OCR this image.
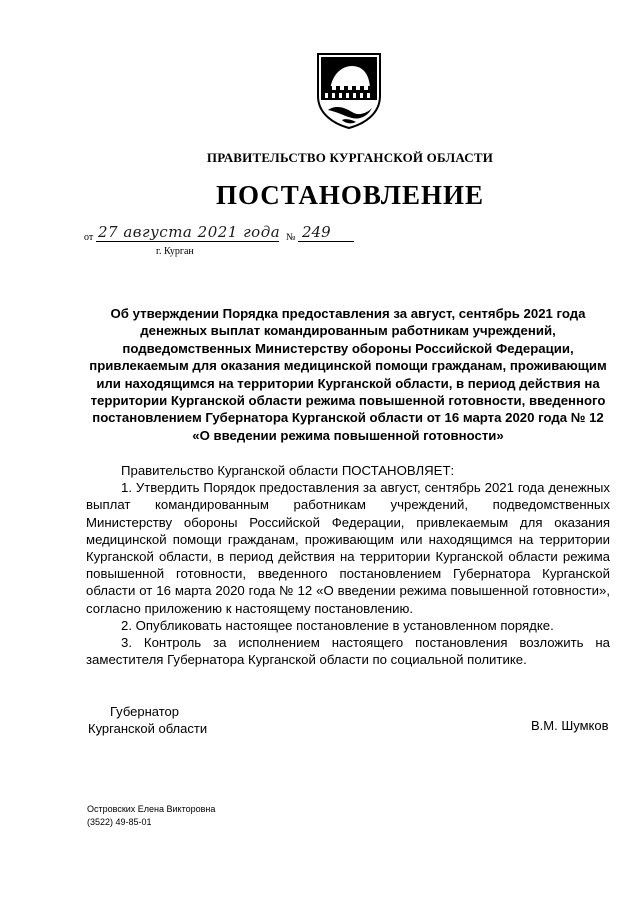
ПРАВИТЕЛЬСТВО КУРГАНСКОЙ ОБЛАСТИ
ПОСТАНОВЛЕНИЕ
от 27 августа 2021 года № 249
г. Курган
Об утверждении Порядка предоставления за август, сентябрь 2021 года денежных выплат командированным работникам учреждений, подведомственных Министерству обороны Российской Федерации, привлекаемым для оказания медицинской помощи гражданам, проживающим или находящимся на территории Курганской области, в период действия на территории Курганской области режима повышенной готовности, введенного постановлением Губернатора Курганской области от 16 марта 2020 года № 12 «О введении режима повышенной готовности»

Правительство Курганской области ПОСТАНОВЛЯЕТ:

1. Утвердить Порядок предоставления за август, сентябрь 2021 года денежных выплат командированным работникам учреждений, подведомственных Министерству обороны Российской Федерации, привлекаемым для оказания медицинской помощи гражданам, проживающим или находящимся на территории Курганской области, в период действия на территории Курганской области режима повышенной готовности, введенного постановлением Губернатора Курганской области от 16 марта 2020 года № 12 «О введении режима повышенной готовности», согласно приложению к настоящему постановлению.

2. Опубликовать настоящее постановление в установленном порядке.

3. Контроль за исполнением настоящего постановления возложить на заместителя Губернатора Курганской области по социальной политике.

Губернатор
Курганской области	В.М. Шумков
Островских Елена Викторовна
(3522) 49-85-01
